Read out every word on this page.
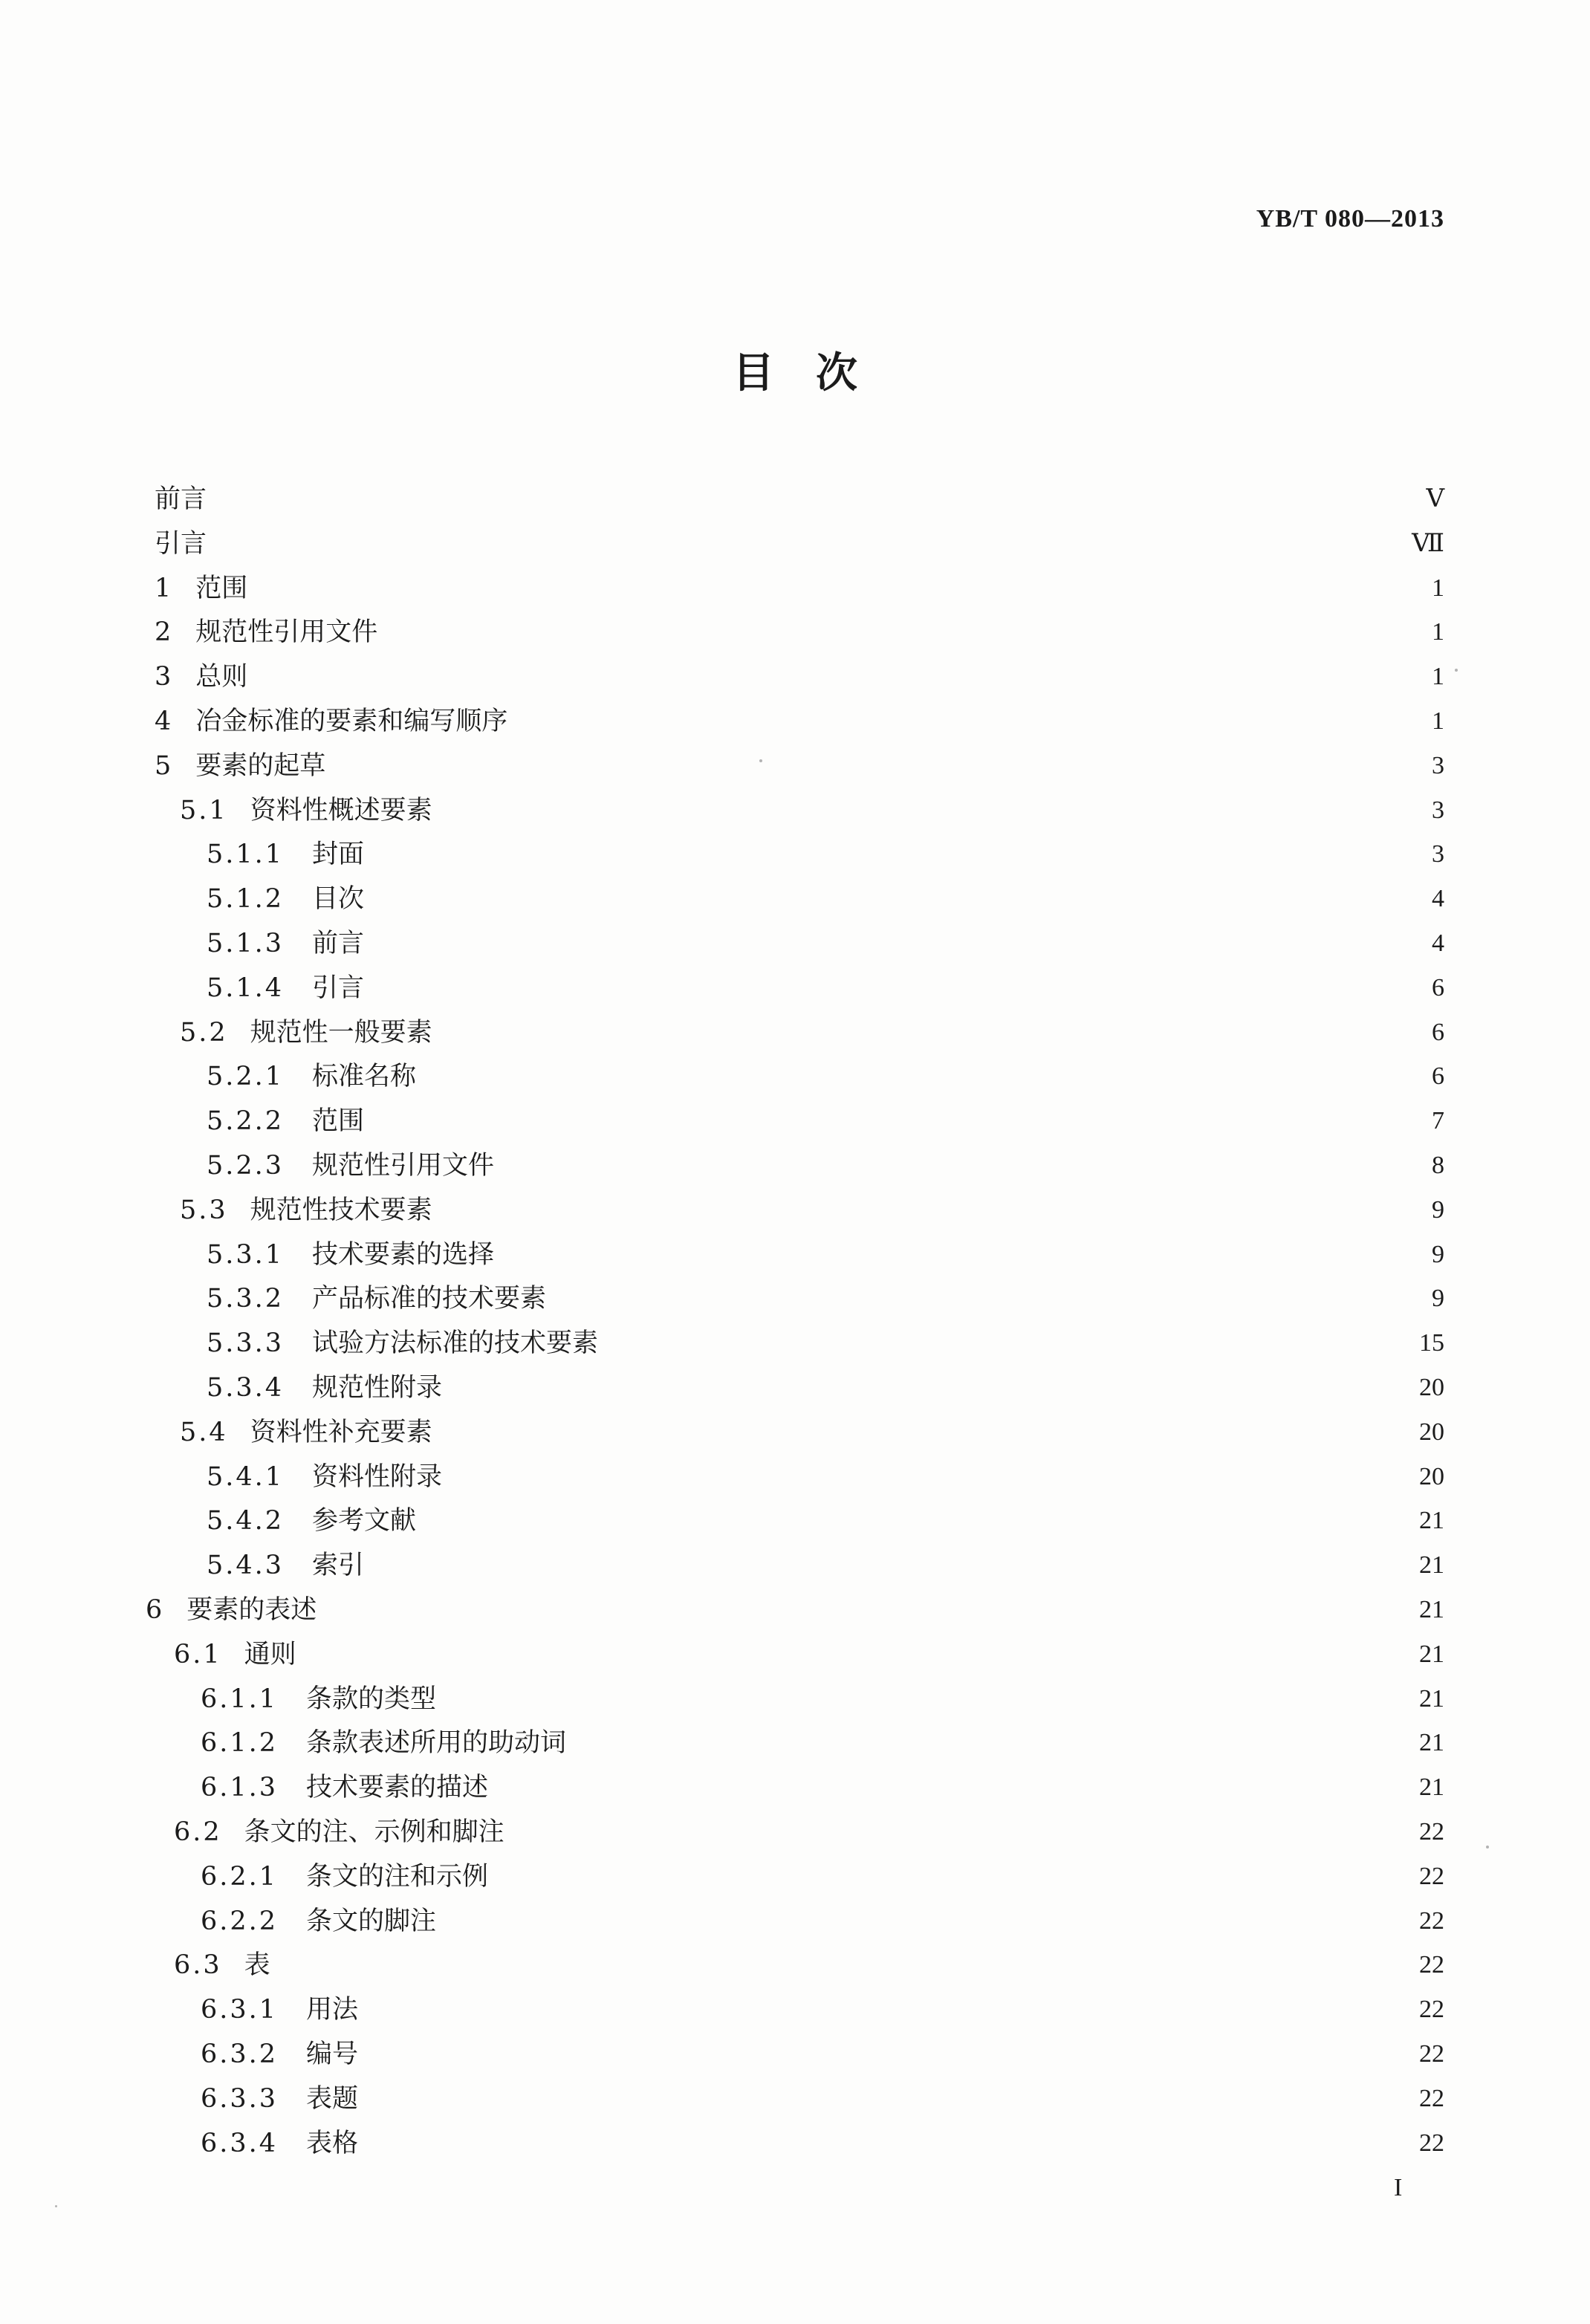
YB/T 080—2013
目　次
前言	Ⅴ
引言	Ⅶ
1 范围	1
2 规范性引用文件	1
3 总则	1
4 冶金标准的要素和编写顺序	1
5 要素的起草	3
5.1 资料性概述要素	3
5.1.1 封面	3
5.1.2 目次	4
5.1.3 前言	4
5.1.4 引言	6
5.2 规范性一般要素	6
5.2.1 标准名称	6
5.2.2 范围	7
5.2.3 规范性引用文件	8
5.3 规范性技术要素	9
5.3.1 技术要素的选择	9
5.3.2 产品标准的技术要素	9
5.3.3 试验方法标准的技术要素	15
5.3.4 规范性附录	20
5.4 资料性补充要素	20
5.4.1 资料性附录	20
5.4.2 参考文献	21
5.4.3 索引	21
6 要素的表述	21
6.1 通则	21
6.1.1 条款的类型	21
6.1.2 条款表述所用的助动词	21
6.1.3 技术要素的描述	21
6.2 条文的注、示例和脚注	22
6.2.1 条文的注和示例	22
6.2.2 条文的脚注	22
6.3 表	22
6.3.1 用法	22
6.3.2 编号	22
6.3.3 表题	22
6.3.4 表格	22
I
